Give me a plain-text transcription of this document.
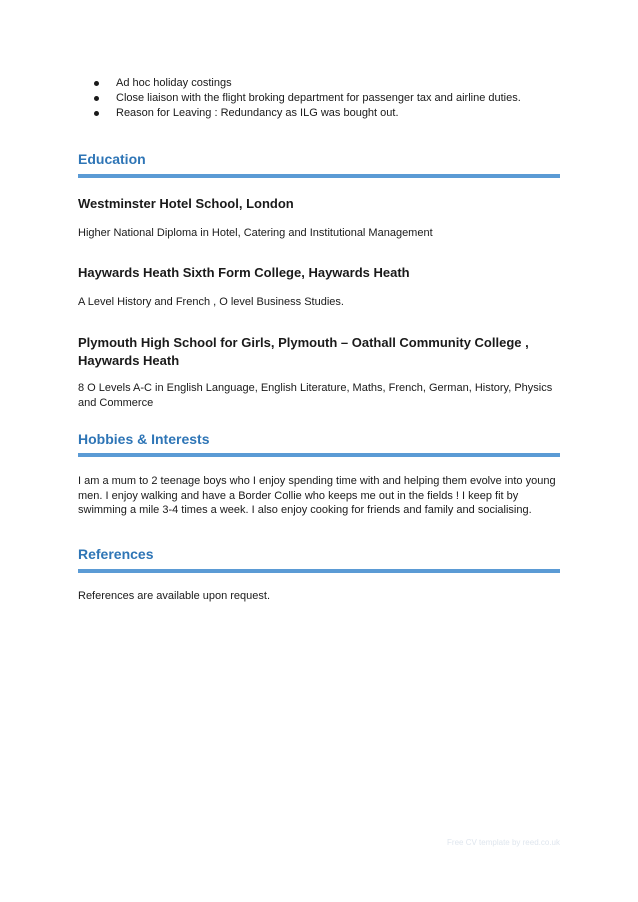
Ad hoc holiday costings
Close liaison with the flight broking department for passenger tax and airline duties.
Reason for Leaving : Redundancy as ILG was bought out.
Education
Westminster Hotel School, London
Higher National Diploma in Hotel, Catering and Institutional Management
Haywards Heath Sixth Form College, Haywards Heath
A Level History and French , O level Business Studies.
Plymouth High School for Girls, Plymouth – Oathall Community College , Haywards Heath
8 O Levels A-C in English Language, English Literature, Maths, French, German, History, Physics and Commerce
Hobbies & Interests
I am a mum to 2 teenage boys who I enjoy spending time with and helping them evolve into young men. I enjoy walking and have a Border Collie who keeps me out in the fields ! I keep fit by swimming a mile 3-4 times a week. I also enjoy cooking for friends and family and socialising.
References
References are available upon request.
Free CV template by reed.co.uk
